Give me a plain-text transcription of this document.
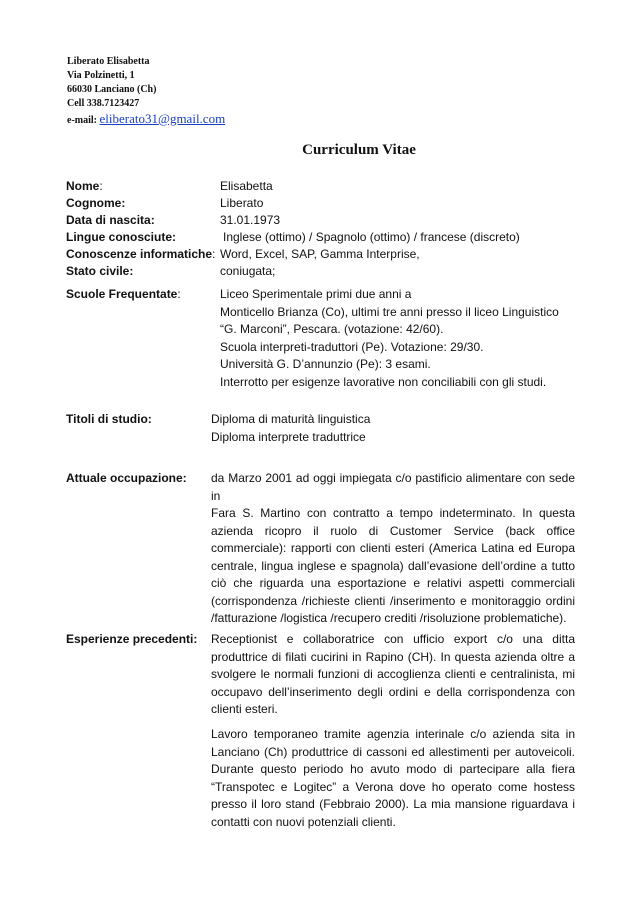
Liberato Elisabetta
Via Polzinetti, 1
66030 Lanciano (Ch)
Cell 338.7123427
e-mail: eliberato31@gmail.com
Curriculum Vitae
Nome:	Elisabetta
Cognome:	Liberato
Data di nascita:	31.01.1973
Lingue conosciute:	Inglese (ottimo) / Spagnolo (ottimo) / francese (discreto)
Conoscenze informatiche: Word, Excel, SAP, Gamma Interprise,
Stato civile:	coniugata;
Scuole Frequentate:	Liceo Sperimentale primi due anni a
Monticello Brianza (Co), ultimi tre anni presso il liceo Linguistico
“G. Marconi”, Pescara. (votazione: 42/60).
Scuola interpreti-traduttori (Pe). Votazione: 29/30.
Università G. D’annunzio (Pe): 3 esami.
Interrotto per esigenze lavorative non conciliabili con gli studi.
Titoli di studio:	Diploma di maturità linguistica
Diploma interprete traduttrice
Attuale occupazione: da Marzo 2001 ad oggi impiegata c/o pastificio alimentare con sede in
Fara S. Martino con contratto a tempo indeterminato. In questa
azienda ricopro il ruolo di Customer Service (back office
commerciale): rapporti con clienti esteri (America Latina ed Europa
centrale, lingua inglese e spagnola) dall’evasione dell’ordine a tutto
ciò che riguarda una esportazione e relativi aspetti commerciali
(corrispondenza /richieste clienti /inserimento e monitoraggio ordini
/fatturazione /logistica /recupero crediti /risoluzione problematiche).
Esperienze precedenti: Receptionist e collaboratrice con ufficio export c/o una ditta
produttrice di filati cucirini in Rapino (CH). In questa azienda oltre a
svolgere le normali funzioni di accoglienza clienti e centralinista, mi
occupavo dell’inserimento degli ordini e della corrispondenza con
clienti esteri.
Lavoro temporaneo tramite agenzia interinale c/o azienda sita in
Lanciano (Ch) produttrice di cassoni ed allestimenti per autoveicoli.
Durante questo periodo ho avuto modo di partecipare alla fiera
“Transpotec e Logitec” a Verona dove ho operato come hostess
presso il loro stand (Febbraio 2000). La mia mansione riguardava i
contatti con nuovi potenziali clienti.
